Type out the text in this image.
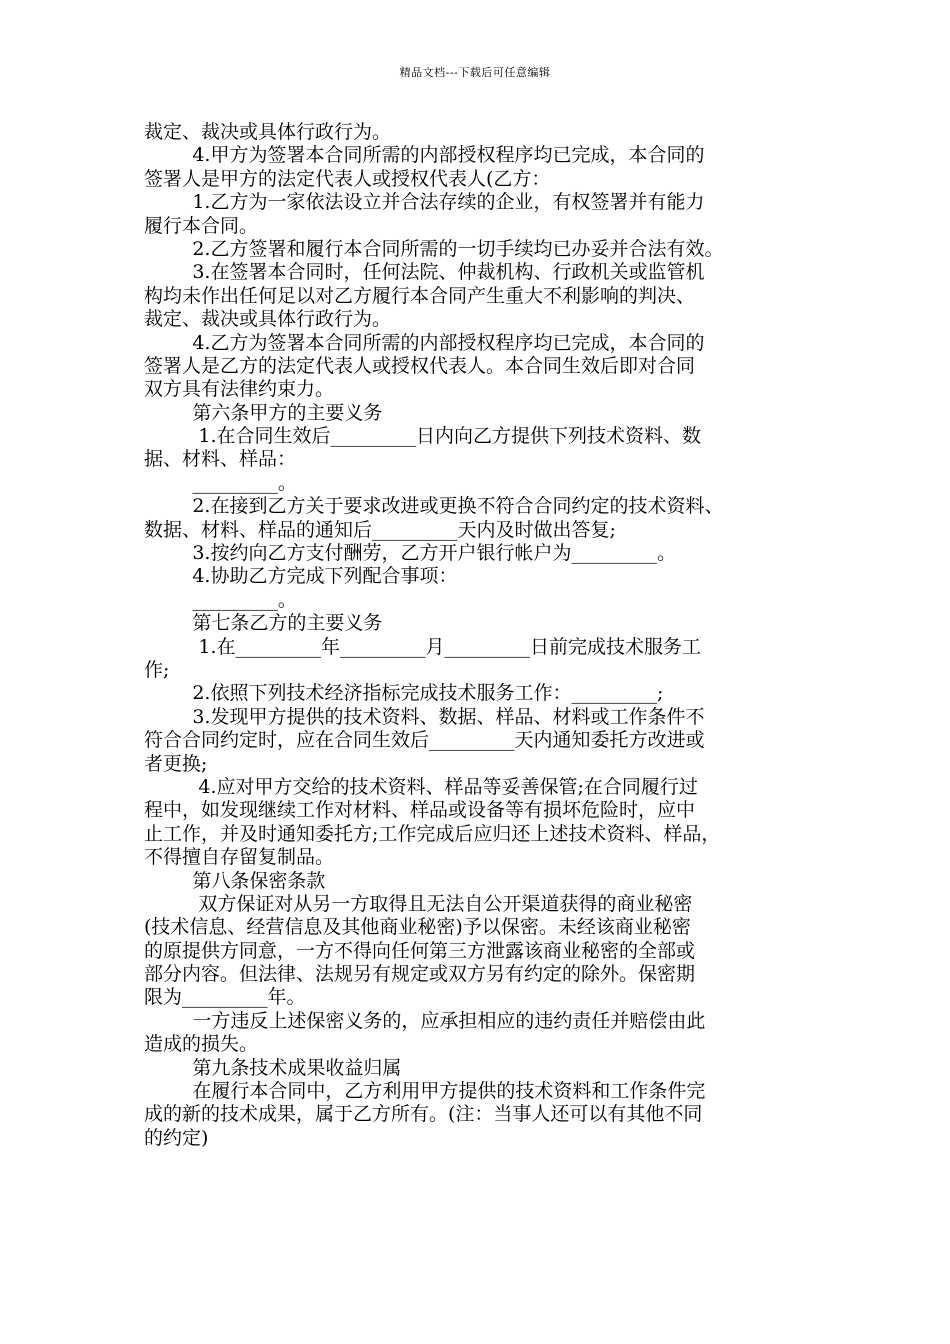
精品文档---下载后可任意编辑
裁定、裁决或具体行政行为。
4.甲方为签署本合同所需的内部授权程序均已完成，本合同的
签署人是甲方的法定代表人或授权代表人(乙方：
1.乙方为一家依法设立并合法存续的企业，有权签署并有能力
履行本合同。
2.乙方签署和履行本合同所需的一切手续均已办妥并合法有效。
3.在签署本合同时，任何法院、仲裁机构、行政机关或监管机
构均未作出任何足以对乙方履行本合同产生重大不利影响的判决、
裁定、裁决或具体行政行为。
4.乙方为签署本合同所需的内部授权程序均已完成，本合同的
签署人是乙方的法定代表人或授权代表人。本合同生效后即对合同
双方具有法律约束力。
第六条甲方的主要义务
1.在合同生效后_________日内向乙方提供下列技术资料、数
据、材料、样品：
_________。
2.在接到乙方关于要求改进或更换不符合合同约定的技术资料、
数据、材料、样品的通知后_________天内及时做出答复;
3.按约向乙方支付酬劳，乙方开户银行帐户为_________。
4.协助乙方完成下列配合事项：
_________。
第七条乙方的主要义务
1.在_________年_________月_________日前完成技术服务工
作;
2.依照下列技术经济指标完成技术服务工作：_________;
3.发现甲方提供的技术资料、数据、样品、材料或工作条件不
符合合同约定时，应在合同生效后_________天内通知委托方改进或
者更换;
4.应对甲方交给的技术资料、样品等妥善保管;在合同履行过
程中，如发现继续工作对材料、样品或设备等有损坏危险时，应中
止工作，并及时通知委托方;工作完成后应归还上述技术资料、样品，
不得擅自存留复制品。
第八条保密条款
双方保证对从另一方取得且无法自公开渠道获得的商业秘密
(技术信息、经营信息及其他商业秘密)予以保密。未经该商业秘密
的原提供方同意，一方不得向任何第三方泄露该商业秘密的全部或
部分内容。但法律、法规另有规定或双方另有约定的除外。保密期
限为_________年。
一方违反上述保密义务的，应承担相应的违约责任并赔偿由此
造成的损失。
第九条技术成果收益归属
在履行本合同中，乙方利用甲方提供的技术资料和工作条件完
成的新的技术成果，属于乙方所有。(注：当事人还可以有其他不同
的约定)
